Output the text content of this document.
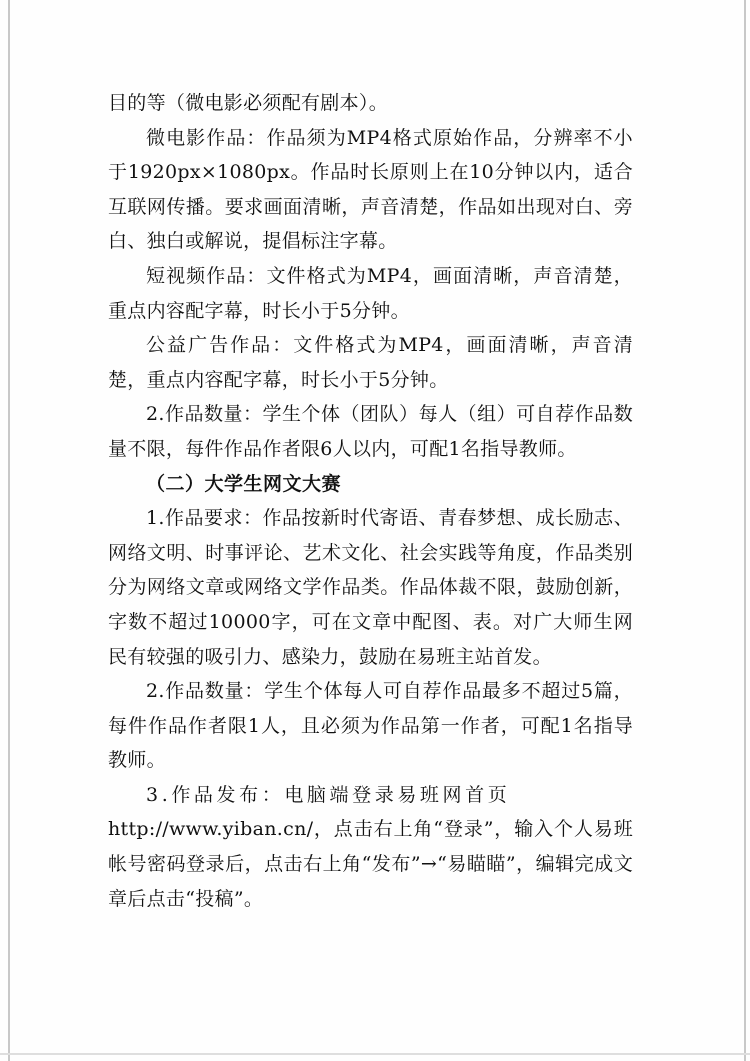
目的等（微电影必须配有剧本）。

微电影作品：作品须为MP4格式原始作品，分辨率不小于1920px×1080px。作品时长原则上在10分钟以内，适合互联网传播。要求画面清晰，声音清楚，作品如出现对白、旁白、独白或解说，提倡标注字幕。

短视频作品：文件格式为MP4，画面清晰，声音清楚，重点内容配字幕，时长小于5分钟。

公益广告作品：文件格式为MP4，画面清晰，声音清楚，重点内容配字幕，时长小于5分钟。

2.作品数量：学生个体（团队）每人（组）可自荐作品数量不限，每件作品作者限6人以内，可配1名指导教师。

（二）大学生网文大赛

1.作品要求：作品按新时代寄语、青春梦想、成长励志、网络文明、时事评论、艺术文化、社会实践等角度，作品类别分为网络文章或网络文学作品类。作品体裁不限，鼓励创新，字数不超过10000字，可在文章中配图、表。对广大师生网民有较强的吸引力、感染力，鼓励在易班主站首发。

2.作品数量：学生个体每人可自荐作品最多不超过5篇，每件作品作者限1人，且必须为作品第一作者，可配1名指导教师。

3.作品发布：电脑端登录易班网首页

http://www.yiban.cn/，点击右上角“登录”，输入个人易班帐号密码登录后，点击右上角“发布”→“易瞄瞄”，编辑完成文章后点击“投稿”。
